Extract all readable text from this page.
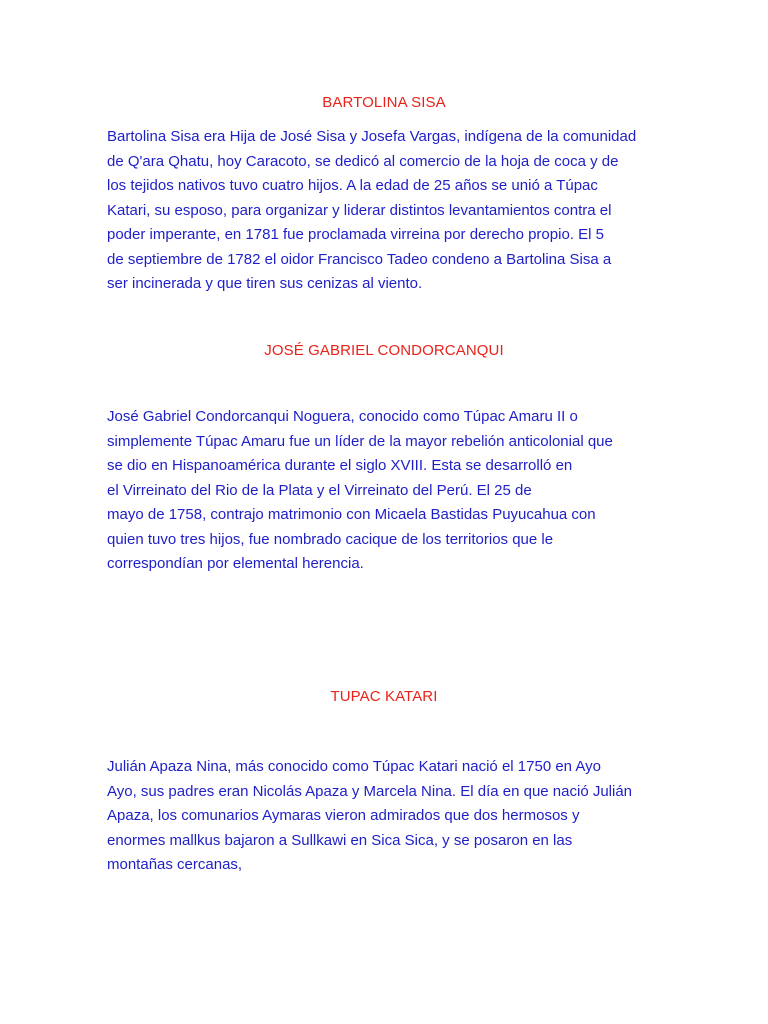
BARTOLINA SISA

Bartolina Sisa era Hija de José Sisa y Josefa Vargas, indígena de la comunidad
de Q'ara Qhatu, hoy Caracoto, se dedicó al comercio de la hoja de coca y de
los tejidos nativos tuvo cuatro hijos. A la edad de 25 años se unió a Túpac
Katari, su esposo, para organizar y liderar distintos levantamientos contra el
poder imperante, en 1781 fue proclamada virreina por derecho propio. El 5
de septiembre de 1782 el oidor Francisco Tadeo condeno a Bartolina Sisa a
ser incinerada y que tiren sus cenizas al viento.

JOSÉ GABRIEL CONDORCANQUI

José Gabriel Condorcanqui Noguera, conocido como Túpac Amaru II o
simplemente Túpac Amaru fue un líder de la mayor rebelión anticolonial que
se dio en Hispanoamérica durante el siglo XVIII. Esta se desarrolló en
el Virreinato del Rio de la Plata y el Virreinato del Perú. El 25 de
mayo de 1758, contrajo matrimonio con Micaela Bastidas Puyucahua con
quien tuvo tres hijos, fue nombrado cacique de los territorios que le
correspondían por elemental herencia.

TUPAC KATARI

Julián Apaza Nina, más conocido como Túpac Katari nació el 1750 en Ayo
Ayo, sus padres eran Nicolás Apaza y Marcela Nina. El día en que nació Julián
Apaza, los comunarios Aymaras vieron admirados que dos hermosos y
enormes mallkus bajaron a Sullkawi en Sica Sica, y se posaron en las
montañas cercanas,
